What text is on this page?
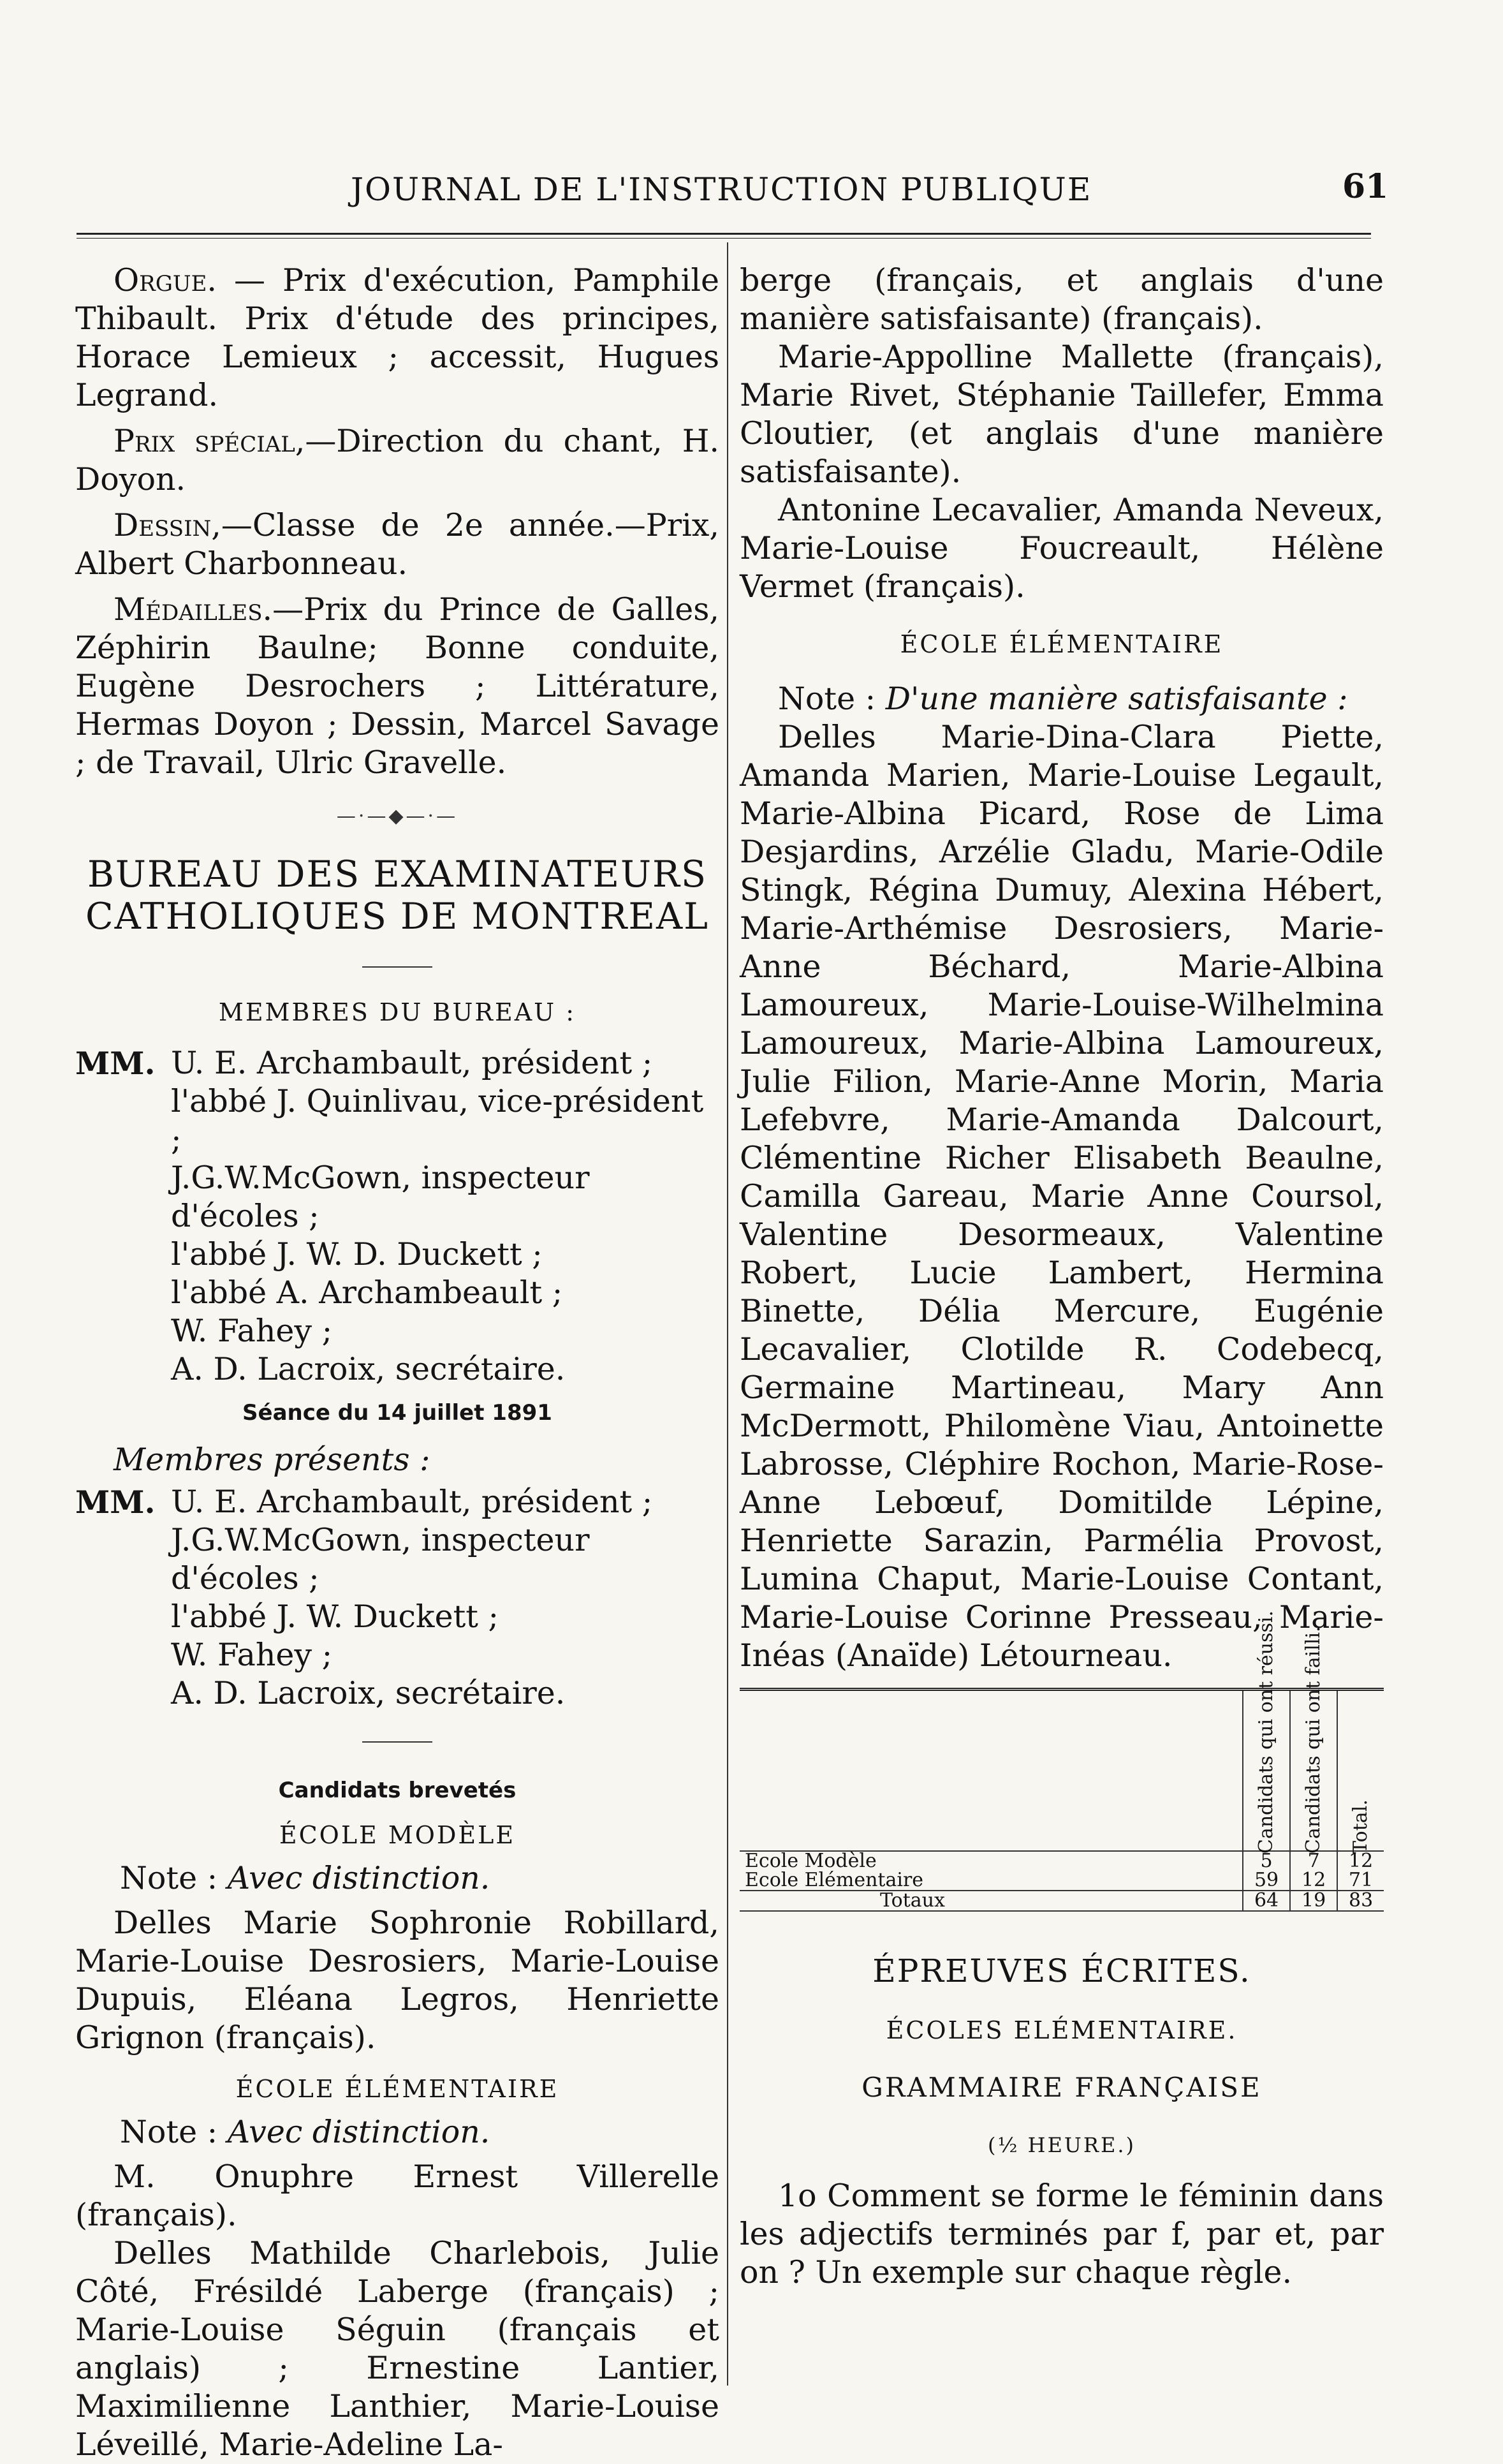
JOURNAL DE L'INSTRUCTION PUBLIQUE	61

Orgue. — Prix d'exécution, Pamphile Thibault. Prix d'étude des principes, Horace Lemieux ; accessit, Hugues Legrand.

Prix spécial,—Direction du chant, H. Doyon.

Dessin,—Classe de 2e année.—Prix, Albert Charbonneau.

Médailles.—Prix du Prince de Galles, Zéphirin Baulne; Bonne conduite, Eugène Desrochers ; Littérature, Hermas Doyon ; Dessin, Marcel Savage ; de Travail, Ulric Gravelle.

—·—◆—·—
BUREAU DES EXAMINATEURS
CATHOLIQUES DE MONTREAL
MEMBRES DU BUREAU :
MM. U. E. Archambault, président ;
l'abbé J. Quinlivau, vice-président ;
J.G.W.McGown, inspecteur d'écoles ;
l'abbé J. W. D. Duckett ;
l'abbé A. Archambeault ;
W. Fahey ;
A. D. Lacroix, secrétaire.
Séance du 14 juillet 1891
Membres présents :
MM. U. E. Archambault, président ;
J.G.W.McGown, inspecteur d'écoles ;
l'abbé J. W. Duckett ;
W. Fahey ;
A. D. Lacroix, secrétaire.
Candidats brevetés
ÉCOLE MODÈLE

Note : Avec distinction.

Delles Marie Sophronie Robillard, Marie-Louise Desrosiers, Marie-Louise Dupuis, Eléana Legros, Henriette Grignon (français).

ÉCOLE ÉLÉMENTAIRE

Note : Avec distinction.

M. Onuphre Ernest Villerelle (français).

Delles Mathilde Charlebois, Julie Côté, Frésildé Laberge (français) ; Marie-Louise Séguin (français et anglais) ; Ernestine Lantier, Maximilienne Lanthier, Marie-Louise Léveillé, Marie-Adeline La-

berge (français, et anglais d'une manière satisfaisante) (français).

Marie-Appolline Mallette (français), Marie Rivet, Stéphanie Taillefer, Emma Cloutier, (et anglais d'une manière satisfaisante).

Antonine Lecavalier, Amanda Neveux, Marie-Louise Foucreault, Hélène Vermet (français).

ÉCOLE ÉLÉMENTAIRE

Note : D'une manière satisfaisante :

Delles Marie-Dina-Clara Piette, Amanda Marien, Marie-Louise Legault, Marie-Albina Picard, Rose de Lima Desjardins, Arzélie Gladu, Marie-Odile Stingk, Régina Dumuy, Alexina Hébert, Marie-Arthémise Desrosiers, Marie-Anne Béchard, Marie-Albina Lamoureux, Marie-Louise-Wilhelmina Lamoureux, Marie-Albina Lamoureux, Julie Filion, Marie-Anne Morin, Maria Lefebvre, Marie-Amanda Dalcourt, Clémentine Richer Elisabeth Beaulne, Camilla Gareau, Marie Anne Coursol, Valentine Desormeaux, Valentine Robert, Lucie Lambert, Hermina Binette, Délia Mercure, Eugénie Lecavalier, Clotilde R. Codebecq, Germaine Martineau, Mary Ann McDermott, Philomène Viau, Antoinette Labrosse, Cléphire Rochon, Marie-Rose-Anne Lebœuf, Domitilde Lépine, Henriette Sarazin, Parmélia Provost, Lumina Chaput, Marie-Louise Contant, Marie-Louise Corinne Presseau, Marie-Inéas (Anaïde) Létourneau.

		Candidats qui ont réussi.	Candidats qui ont failli.	Total.
Ecole Modèle	5	7	12
Ecole Elémentaire	59	12	71
Totaux	64	19	83
ÉPREUVES ÉCRITES.
ÉCOLES ELÉMENTAIRE.
GRAMMAIRE FRANÇAISE
(½ HEURE.)

1o Comment se forme le féminin dans les adjectifs terminés par f, par et, par on ? Un exemple sur chaque règle.
